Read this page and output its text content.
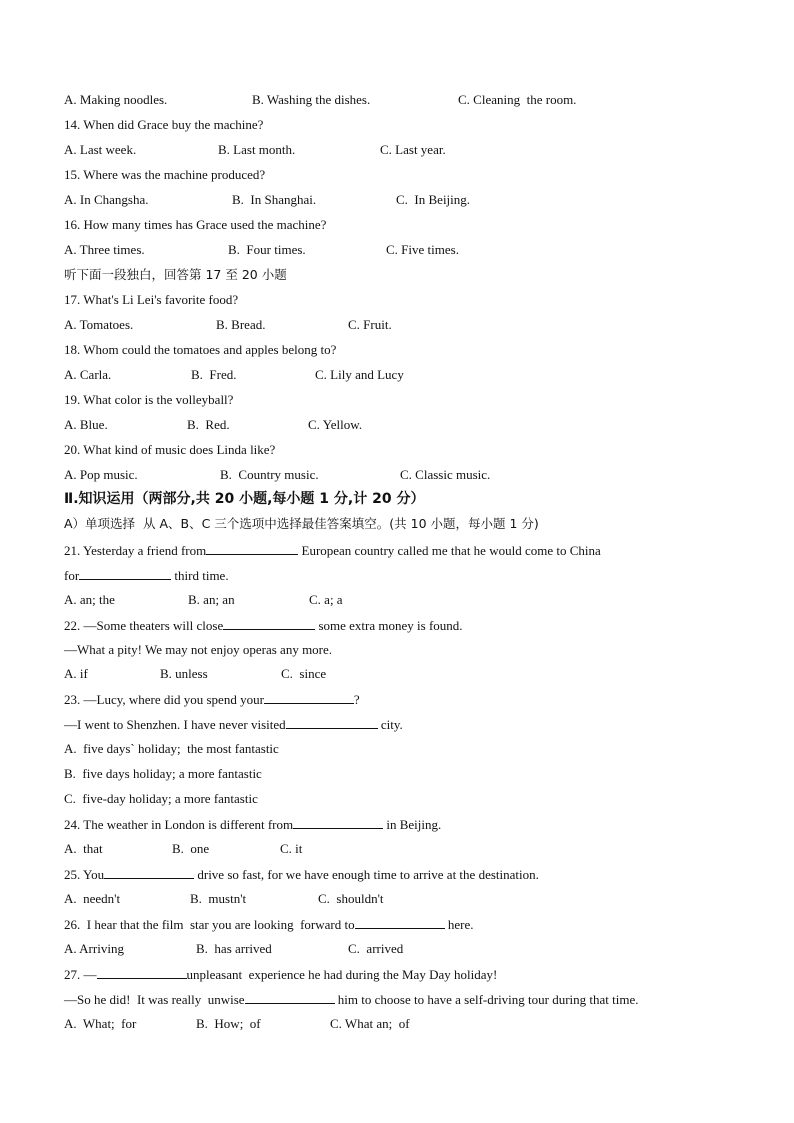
A. Making noodles.	B. Washing the dishes.	C. Cleaning  the room.
14. When did Grace buy the machine?
A. Last week.	B. Last month.	C. Last year.
15. Where was the machine produced?
A. In Changsha.	B.  In Shanghai.	C.  In Beijing.
16. How many times has Grace used the machine?
A. Three times.	B.  Four times.	C. Five times.
听下面一段独白，回答第 17 至 20 小题
17. What's Li Lei's favorite food?
A. Tomatoes.	B. Bread.	C. Fruit.
18. Whom could the tomatoes and apples belong to?
A. Carla.	B.  Fred.	C. Lily and Lucy
19. What color is the volleyball?
A. Blue.	B.  Red.	C. Yellow.
20. What kind of music does Linda like?
A. Pop music.	B.  Country music.	C. Classic music.
Ⅱ.知识运用（两部分,共 20 小题,每小题 1 分,计 20 分）
A）单项选择  从 A、B、C 三个选项中选择最佳答案填空。(共 10 小题，每小题 1 分)
21. Yesterday a friend from	European country called me that he would come to China
for	third time.
A. an; the	B. an; an	C. a; a
22. —Some theaters will close	some extra money is found.
—What a pity! We may not enjoy operas any more.
A. if	B. unless	C.  since
23. —Lucy, where did you spend your	?
—I went to Shenzhen. I have never visited	city.
A.  five days` holiday;  the most fantastic
B.  five days holiday; a more fantastic
C.  five-day holiday; a more fantastic
24. The weather in London is different from	in Beijing.
A.  that	B.  one	C. it
25. You	drive so fast, for we have enough time to arrive at the destination.
A.  needn't	B.  mustn't	C.  shouldn't
26.  I hear that the film  star you are looking  forward to	here.
A. Arriving	B.  has arrived	C.  arrived
27. —	unpleasant  experience he had during the May Day holiday!
—So he did!  It was really  unwise	him to choose to have a self-driving tour during that time.
A.  What;  for	B.  How;  of	C. What an;  of
